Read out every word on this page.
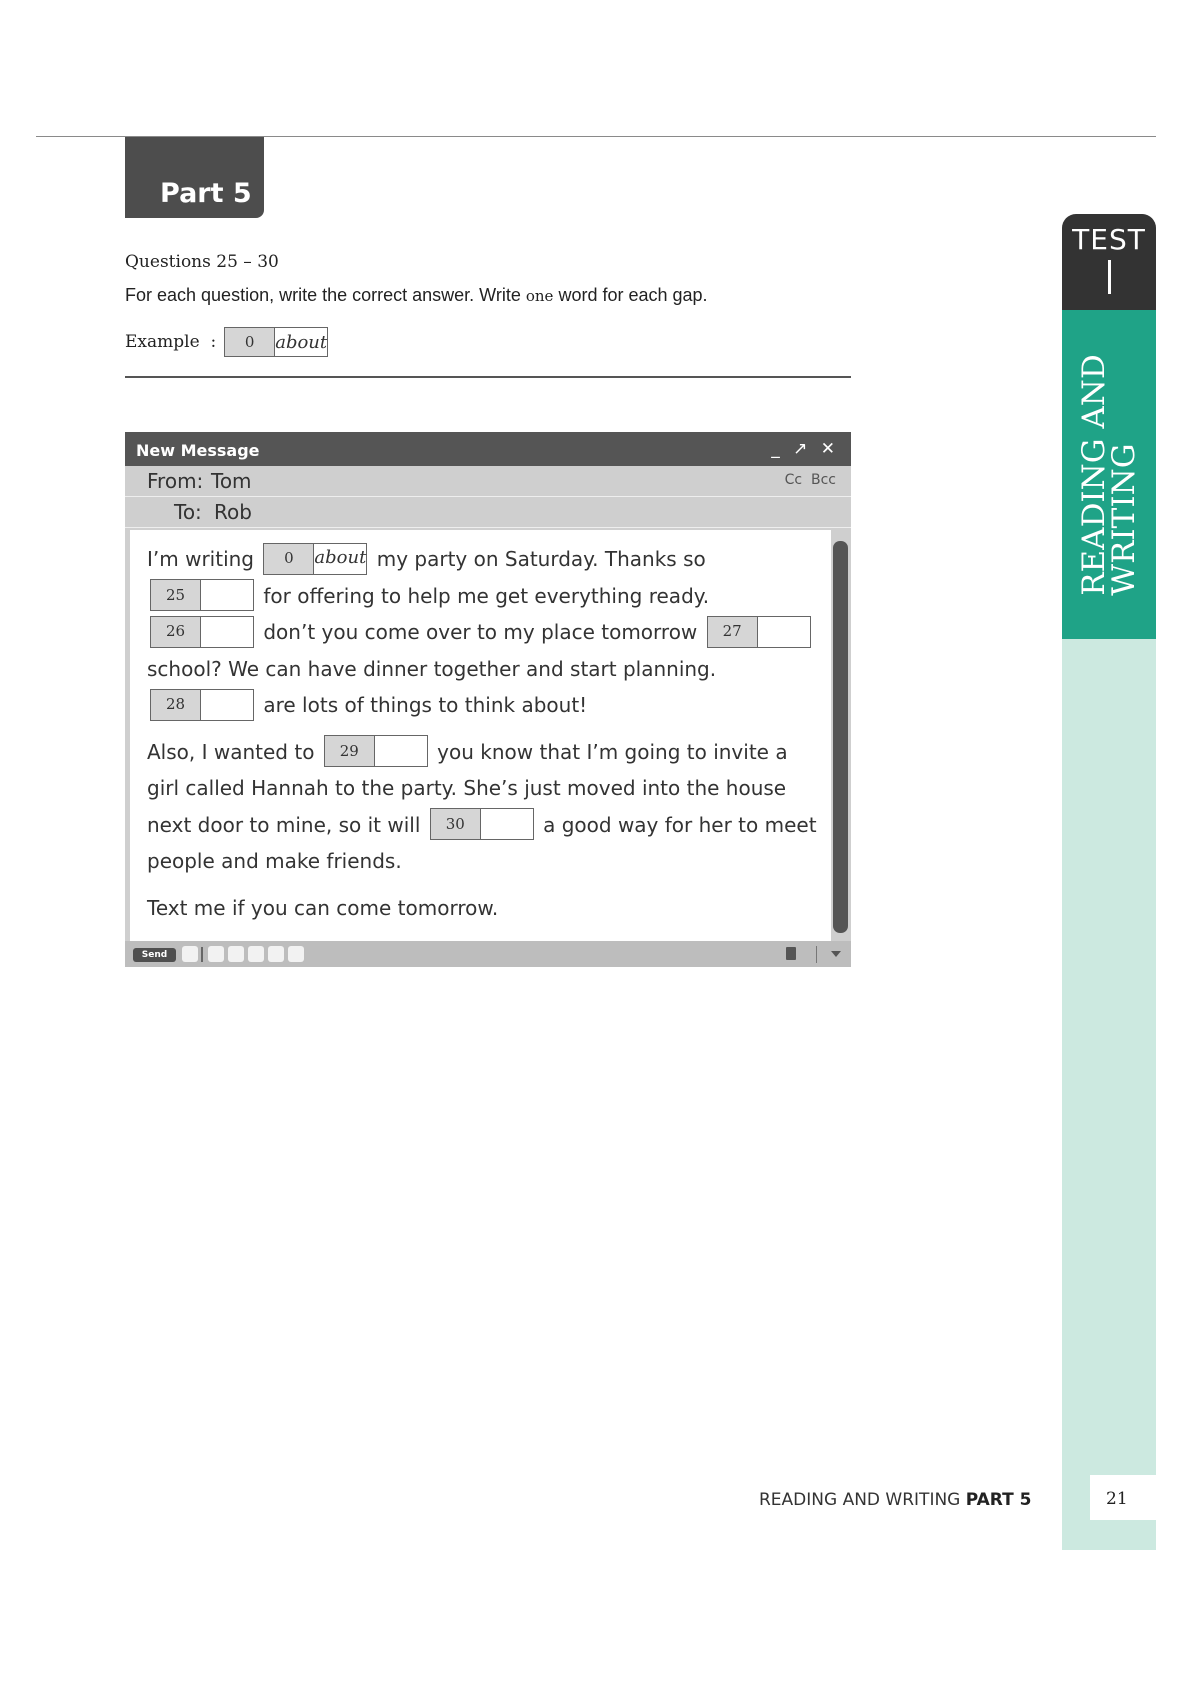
Part 5
Questions 25 – 30
For each question, write the correct answer. Write one word for each gap.
Example :	0	about
New Message	_ ↗ ✕
From: Tom	Cc Bcc
To: Rob

I’m writing	0	about my party on Saturday. Thanks so
25	for offering to help me get everything ready.
26	don’t you come over to my place tomorrow	27
school? We can have dinner together and start planning.
28	are lots of things to think about!

Also, I wanted to	29	you know that I’m going to invite a girl called Hannah to the party. She’s just moved into the house next door to mine, so it will	30	a good way for her to meet people and make friends.

Text me if you can come tomorrow.

Send
TEST
READING AND
WRITING
21
READING AND WRITING PART 5
